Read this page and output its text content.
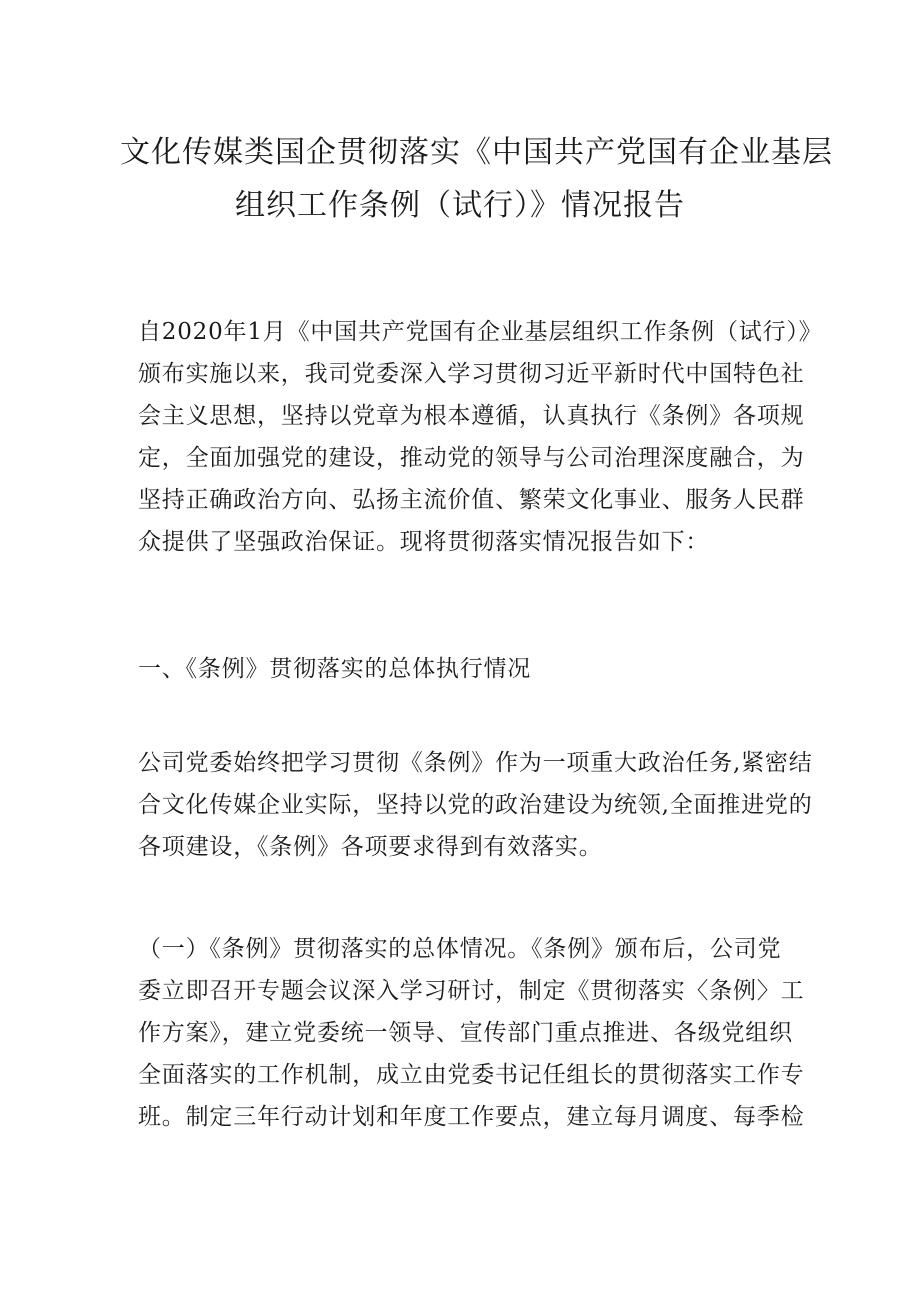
文化传媒类国企贯彻落实《中国共产党国有企业基层
组织工作条例（试行）》情况报告
自2020年1月《中国共产党国有企业基层组织工作条例（试行）》
颁布实施以来，我司党委深入学习贯彻习近平新时代中国特色社
会主义思想，坚持以党章为根本遵循，认真执行《条例》各项规
定，全面加强党的建设，推动党的领导与公司治理深度融合，为
坚持正确政治方向、弘扬主流价值、繁荣文化事业、服务人民群
众提供了坚强政治保证。现将贯彻落实情况报告如下：
一、《条例》贯彻落实的总体执行情况
公司党委始终把学习贯彻《条例》作为一项重大政治任务,紧密结
合文化传媒企业实际，坚持以党的政治建设为统领,全面推进党的
各项建设，《条例》各项要求得到有效落实。
（一）《条例》贯彻落实的总体情况。《条例》颁布后，公司党
委立即召开专题会议深入学习研讨，制定《贯彻落实〈条例〉工
作方案》，建立党委统一领导、宣传部门重点推进、各级党组织
全面落实的工作机制，成立由党委书记任组长的贯彻落实工作专
班。制定三年行动计划和年度工作要点，建立每月调度、每季检
